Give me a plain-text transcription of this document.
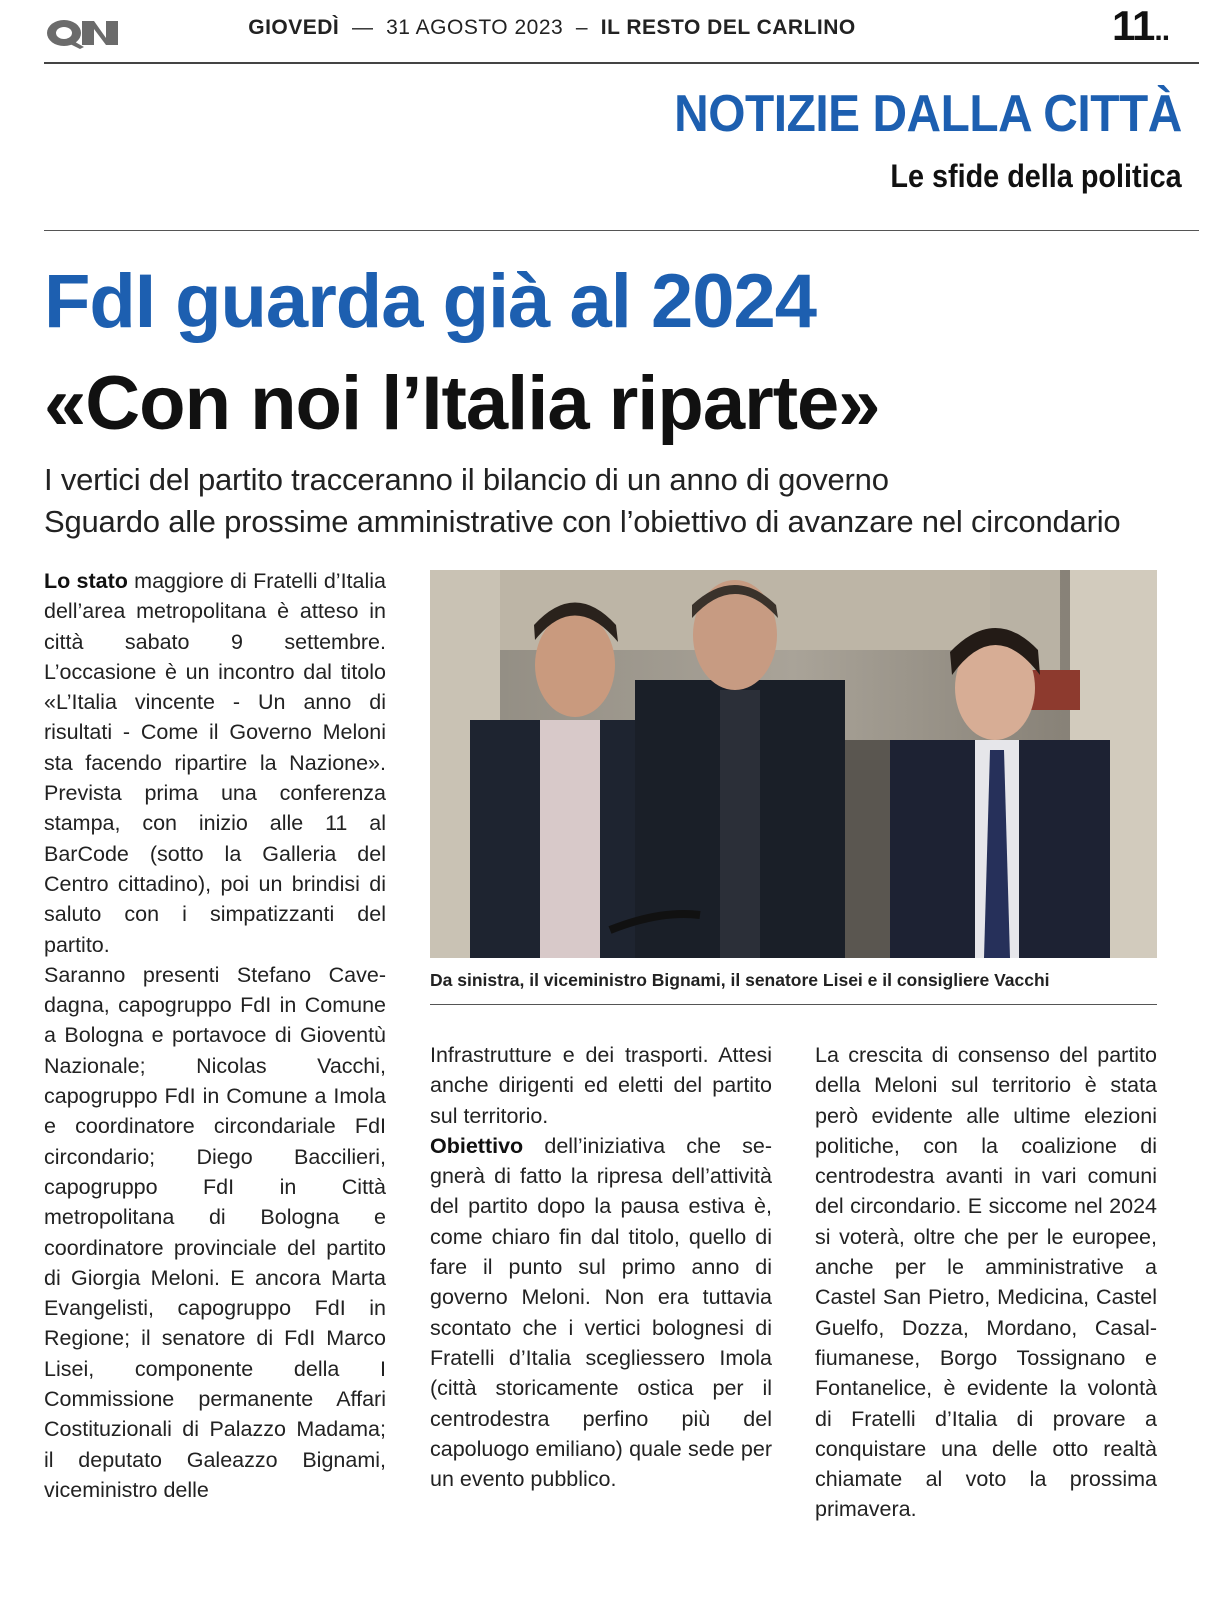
GIOVEDÌ  —  31 AGOSTO 2023  –  IL RESTO DEL CARLINO	11..
NOTIZIE DALLA CITTÀ
Le sfide della politica
FdI guarda già al 2024
«Con noi l’Italia riparte»
I vertici del partito tracceranno il bilancio di un anno di governo
Sguardo alle prossime amministrative con l’obiettivo di avanzare nel circondario

Lo stato maggiore di Fratelli d’Italia dell’area metropolitana è atteso in città sabato 9 settembre. L’occasione è un incontro dal titolo «L’Italia vincente - Un anno di risultati - Come il Governo Meloni sta facendo ripartire la Nazione». Prevista prima una conferenza stampa, con inizio alle 11 al BarCode (sotto la Galleria del Centro cittadino), poi un brindisi di saluto con i simpatizzanti del partito.

Saranno presenti Stefano Cavedagna, capogruppo FdI in Comune a Bologna e portavoce di Gioventù Nazionale; Nicolas Vacchi, capogruppo FdI in Comune a Imola e coordinatore circondariale FdI circondario; Diego Baccilieri, capogruppo FdI in Città metropolitana di Bologna e coordinatore provinciale del partito di Giorgia Meloni. E ancora Marta Evangelisti, capogruppo FdI in Regione; il senatore di FdI Marco Lisei, componente della I Commissione permanente Affari Costituzionali di Palazzo Madama; il deputato Galeazzo Bignami, viceministro delle

Da sinistra, il viceministro Bignami, il senatore Lisei e il consigliere Vacchi

Infrastrutture e dei trasporti. Attesi anche dirigenti ed eletti del partito sul territorio.

Obiettivo dell’iniziativa che segnerà di fatto la ripresa dell’attività del partito dopo la pausa estiva è, come chiaro fin dal titolo, quello di fare il punto sul primo anno di governo Meloni. Non era tuttavia scontato che i vertici bolognesi di Fratelli d’Italia scegliessero Imola (città storicamente ostica per il centrodestra perfino più del capoluogo emiliano) quale sede per un evento pubblico.

La crescita di consenso del partito della Meloni sul territorio è stata però evidente alle ultime elezioni politiche, con la coalizione di centrodestra avanti in vari comuni del circondario. E siccome nel 2024 si voterà, oltre che per le europee, anche per le amministrative a Castel San Pietro, Medicina, Castel Guelfo, Dozza, Mordano, Casalfiumanese, Borgo Tossignano e Fontanelice, è evidente la volontà di Fratelli d’Italia di provare a conquistare una delle otto realtà chiamate al voto la prossima primavera.
